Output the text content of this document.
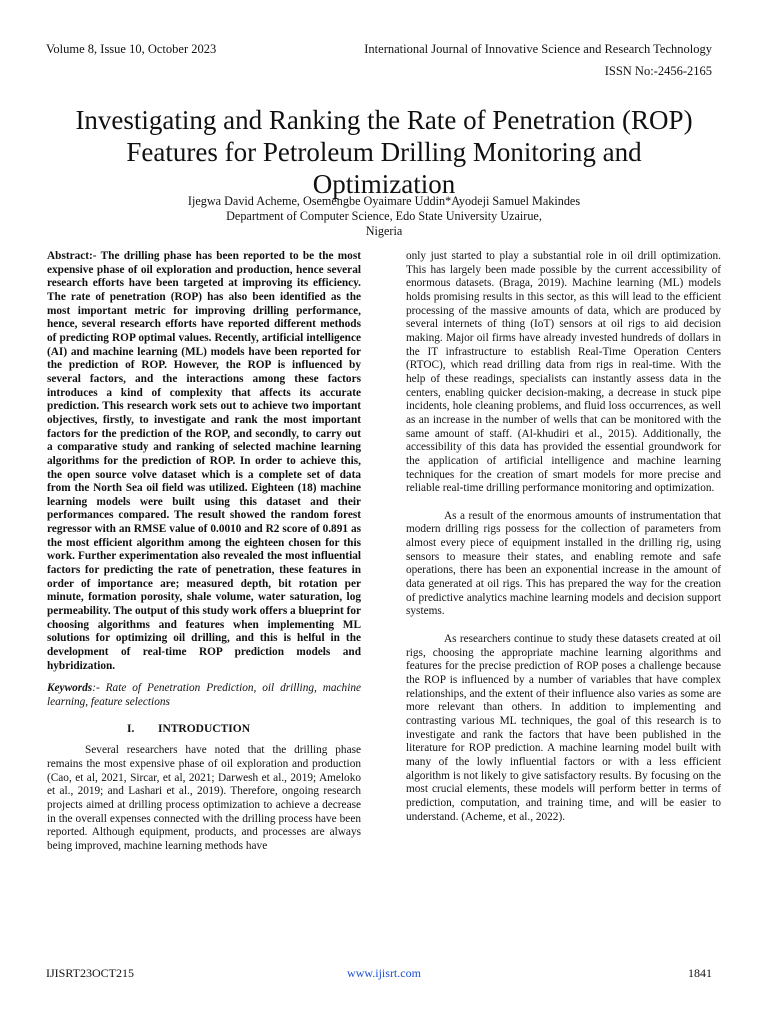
Volume 8, Issue 10, October 2023	International Journal of Innovative Science and Research Technology
ISSN No:-2456-2165
Investigating and Ranking the Rate of Penetration (ROP) Features for Petroleum Drilling Monitoring and Optimization
Ijegwa David Acheme, Osemengbe Oyaimare Uddin*Ayodeji Samuel Makindes
Department of Computer Science, Edo State University Uzairue,
Nigeria

Abstract:- The drilling phase has been reported to be the most expensive phase of oil exploration and production, hence several research efforts have been targeted at improving its efficiency. The rate of penetration (ROP) has also been identified as the most important metric for improving drilling performance, hence, several research efforts have reported different methods of predicting ROP optimal values. Recently, artificial intelligence (AI) and machine learning (ML) models have been reported for the prediction of ROP. However, the ROP is influenced by several factors, and the interactions among these factors introduces a kind of complexity that affects its accurate prediction. This research work sets out to achieve two important objectives, firstly, to investigate and rank the most important factors for the prediction of the ROP, and secondly, to carry out a comparative study and ranking of selected machine learning algorithms for the prediction of ROP. In order to achieve this, the open source volve dataset which is a complete set of data from the North Sea oil field was utilized. Eighteen (18) machine learning models were built using this dataset and their performances compared. The result showed the random forest regressor with an RMSE value of 0.0010 and R2 score of 0.891 as the most efficient algorithm among the eighteen chosen for this work. Further experimentation also revealed the most influential factors for predicting the rate of penetration, these features in order of importance are; measured depth, bit rotation per minute, formation porosity, shale volume, water saturation, log permeability. The output of this study work offers a blueprint for choosing algorithms and features when implementing ML solutions for optimizing oil drilling, and this is helful in the development of real-time ROP prediction models and hybridization.

Keywords:- Rate of Penetration Prediction, oil drilling, machine learning, feature selections

I. INTRODUCTION

Several researchers have noted that the drilling phase remains the most expensive phase of oil exploration and production (Cao, et al, 2021, Sircar, et al, 2021; Darwesh et al., 2019; Ameloko et al., 2019; and Lashari et al., 2019). Therefore, ongoing research projects aimed at drilling process optimization to achieve a decrease in the overall expenses connected with the drilling process have been reported. Although equipment, products, and processes are always being improved, machine learning methods have

only just started to play a substantial role in oil drill optimization. This has largely been made possible by the current accessibility of enormous datasets. (Braga, 2019). Machine learning (ML) models holds promising results in this sector, as this will lead to the efficient processing of the massive amounts of data, which are produced by several internets of thing (IoT) sensors at oil rigs to aid decision making. Major oil firms have already invested hundreds of dollars in the IT infrastructure to establish Real-Time Operation Centers (RTOC), which read drilling data from rigs in real-time. With the help of these readings, specialists can instantly assess data in the centers, enabling quicker decision-making, a decrease in stuck pipe incidents, hole cleaning problems, and fluid loss occurrences, as well as an increase in the number of wells that can be monitored with the same amount of staff. (Al-khudiri et al., 2015). Additionally, the accessibility of this data has provided the essential groundwork for the application of artificial intelligence and machine learning techniques for the creation of smart models for more precise and reliable real-time drilling performance monitoring and optimization.

As a result of the enormous amounts of instrumentation that modern drilling rigs possess for the collection of parameters from almost every piece of equipment installed in the drilling rig, using sensors to measure their states, and enabling remote and safe operations, there has been an exponential increase in the amount of data generated at oil rigs. This has prepared the way for the creation of predictive analytics machine learning models and decision support systems.

As researchers continue to study these datasets created at oil rigs, choosing the appropriate machine learning algorithms and features for the precise prediction of ROP poses a challenge because the ROP is influenced by a number of variables that have complex relationships, and the extent of their influence also varies as some are more relevant than others. In addition to implementing and contrasting various ML techniques, the goal of this research is to investigate and rank the factors that have been published in the literature for ROP prediction. A machine learning model built with many of the lowly influential factors or with a less efficient algorithm is not likely to give satisfactory results. By focusing on the most crucial elements, these models will perform better in terms of prediction, computation, and training time, and will be easier to understand. (Acheme, et al., 2022).

IJISRT23OCT215	www.ijisrt.com	1841
